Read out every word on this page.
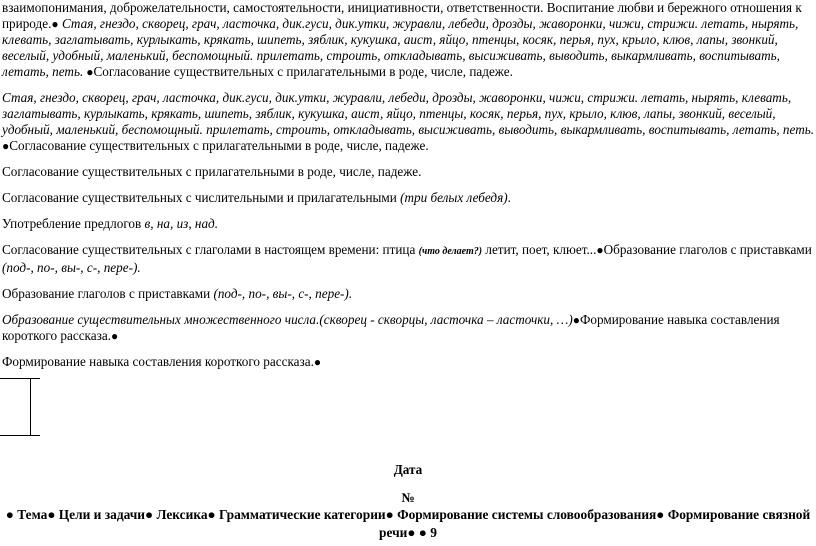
взаимопонимания, доброжелательности, самостоятельности, инициативности, ответственности. Воспитание любви и бережного отношения к природе.● Стая, гнездо, скворец, грач, ласточка, дик.гуси, дик.утки, журавли, лебеди, дрозды, жаворонки, чижи, стрижи. летать, нырять, клевать, заглатывать, курлыкать, крякать, шипеть, зяблик, кукушка, аист, яйцо, птенцы, косяк, перья, пух, крыло, клюв, лапы, звонкий, веселый, удобный, маленький, беспомощный. прилетать, строить, откладывать, высиживать, выводить, выкармливать, воспитывать, летать, петь. ●Согласование существительных с прилагательными в роде, числе, падеже.

Стая, гнездо, скворец, грач, ласточка, дик.гуси, дик.утки, журавли, лебеди, дрозды, жаворонки, чижи, стрижи. летать, нырять, клевать, заглатывать, курлыкать, крякать, шипеть, зяблик, кукушка, аист, яйцо, птенцы, косяк, перья, пух, крыло, клюв, лапы, звонкий, веселый, удобный, маленький, беспомощный. прилетать, строить, откладывать, высиживать, выводить, выкармливать, воспитывать, летать, петь. ●Согласование существительных с прилагательными в роде, числе, падеже.

Согласование существительных с прилагательными в роде, числе, падеже.

Согласование существительных с числительными и прилагательными (три белых лебедя).

Употребление предлогов в, на, из, над.

Согласование существительных с глаголами в настоящем времени: птица (что делает?) летит, поет, клюет...●Образование глаголов с приставками (под-, по-, вы-, с-, пере-).

Образование глаголов с приставками (под-, по-, вы-, с-, пере-).

Образование существительных множественного числа.(скворец - скворцы, ласточка – ласточки, …)●Формирование навыка составления короткого рассказа.●

Формирование навыка составления короткого рассказа.●

Дата
№
● Тема● Цели и задачи● Лексика● Грамматические категории● Формирование системы словообразования● Формирование связной речи● ● 9
